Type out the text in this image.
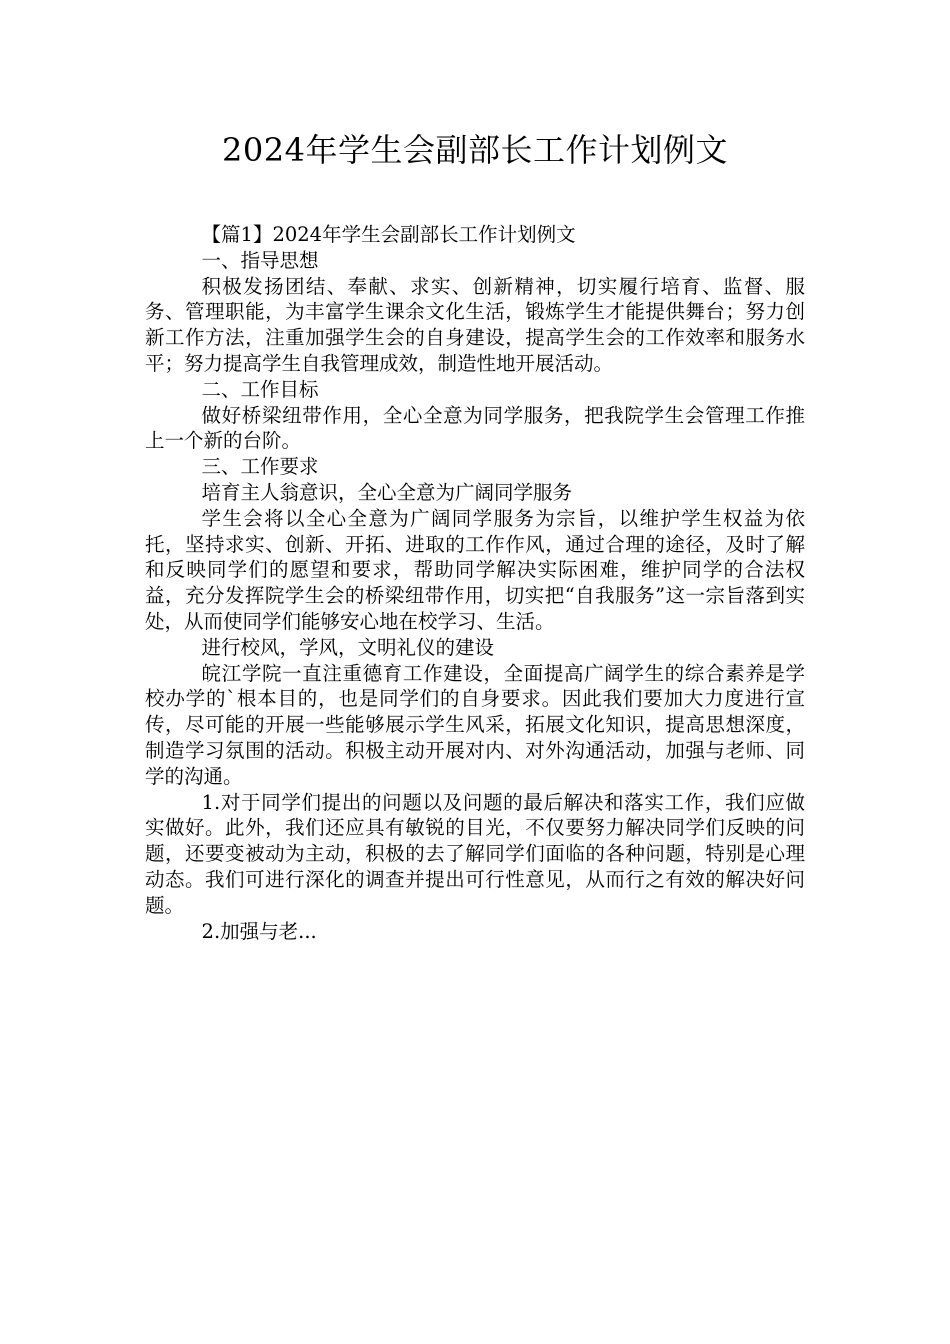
2024年学生会副部长工作计划例文

【篇1】2024年学生会副部长工作计划例文

一、指导思想

积极发扬团结、奉献、求实、创新精神，切实履行培育、监督、服务、管理职能，为丰富学生课余文化生活，锻炼学生才能提供舞台；努力创新工作方法，注重加强学生会的自身建设，提高学生会的工作效率和服务水平；努力提高学生自我管理成效，制造性地开展活动。

二、工作目标

做好桥梁纽带作用，全心全意为同学服务，把我院学生会管理工作推上一个新的台阶。

三、工作要求

培育主人翁意识，全心全意为广阔同学服务

学生会将以全心全意为广阔同学服务为宗旨，以维护学生权益为依托，坚持求实、创新、开拓、进取的工作作风，通过合理的途径，及时了解和反映同学们的愿望和要求，帮助同学解决实际困难，维护同学的合法权益，充分发挥院学生会的桥梁纽带作用，切实把“自我服务”这一宗旨落到实处，从而使同学们能够安心地在校学习、生活。

进行校风，学风，文明礼仪的建设

皖江学院一直注重德育工作建设，全面提高广阔学生的综合素养是学校办学的`根本目的，也是同学们的自身要求。因此我们要加大力度进行宣传，尽可能的开展一些能够展示学生风采，拓展文化知识，提高思想深度，制造学习氛围的活动。积极主动开展对内、对外沟通活动，加强与老师、同学的沟通。

1.对于同学们提出的问题以及问题的最后解决和落实工作，我们应做实做好。此外，我们还应具有敏锐的目光，不仅要努力解决同学们反映的问题，还要变被动为主动，积极的去了解同学们面临的各种问题，特别是心理动态。我们可进行深化的调查并提出可行性意见，从而行之有效的解决好问题。

2.加强与老...
